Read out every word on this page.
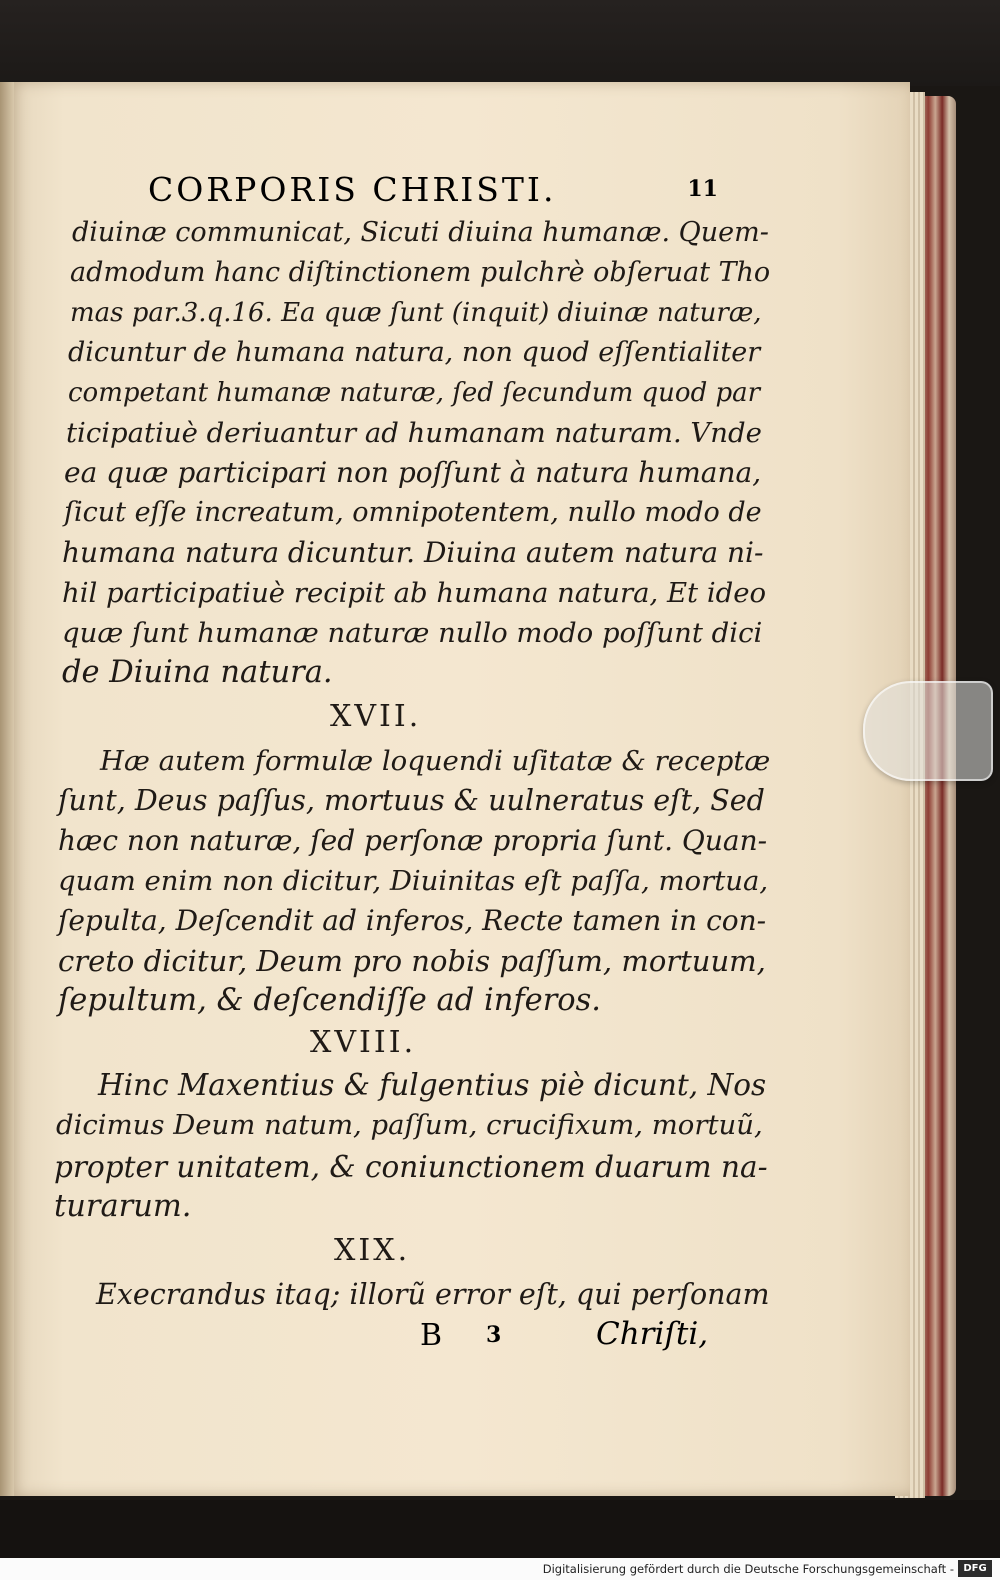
CORPORIS CHRISTI.	11
diuinæ communicat, Sicuti diuina humanæ. Quem-
admodum hanc diſtinctionem pulchrè obſeruat Tho
mas par.3.q.16. Ea quæ ſunt (inquit) diuinæ naturæ,
dicuntur de humana natura, non quod eſſentialiter
competant humanæ naturæ, ſed ſecundum quod par
ticipatiuè deriuantur ad humanam naturam. Vnde
ea quæ participari non poſſunt à natura humana,
ſicut eſſe increatum, omnipotentem, nullo modo de
humana natura dicuntur. Diuina autem natura ni-
hil participatiuè recipit ab humana natura, Et ideo
quæ ſunt humanæ naturæ nullo modo poſſunt dici
de Diuina natura.
XVII.
Hæ autem formulæ loquendi uſitatæ & receptæ
ſunt, Deus paſſus, mortuus & uulneratus eſt, Sed
hæc non naturæ, ſed perſonæ propria ſunt. Quan-
quam enim non dicitur, Diuinitas eſt paſſa, mortua,
ſepulta, Deſcendit ad inferos, Recte tamen in con-
creto dicitur, Deum pro nobis paſſum, mortuum,
ſepultum, & deſcendiſſe ad inferos.
XVIII.
Hinc Maxentius & fulgentius piè dicunt, Nos
dicimus Deum natum, paſſum, crucifixum, mortuũ,
propter unitatem, & coniunctionem duarum na-
turarum.
XIX.
Execrandus itaq; illorũ error eſt, qui perſonam
B 3	Chriſti,
Digitalisierung gefördert durch die Deutsche Forschungsgemeinschaft - DFG
